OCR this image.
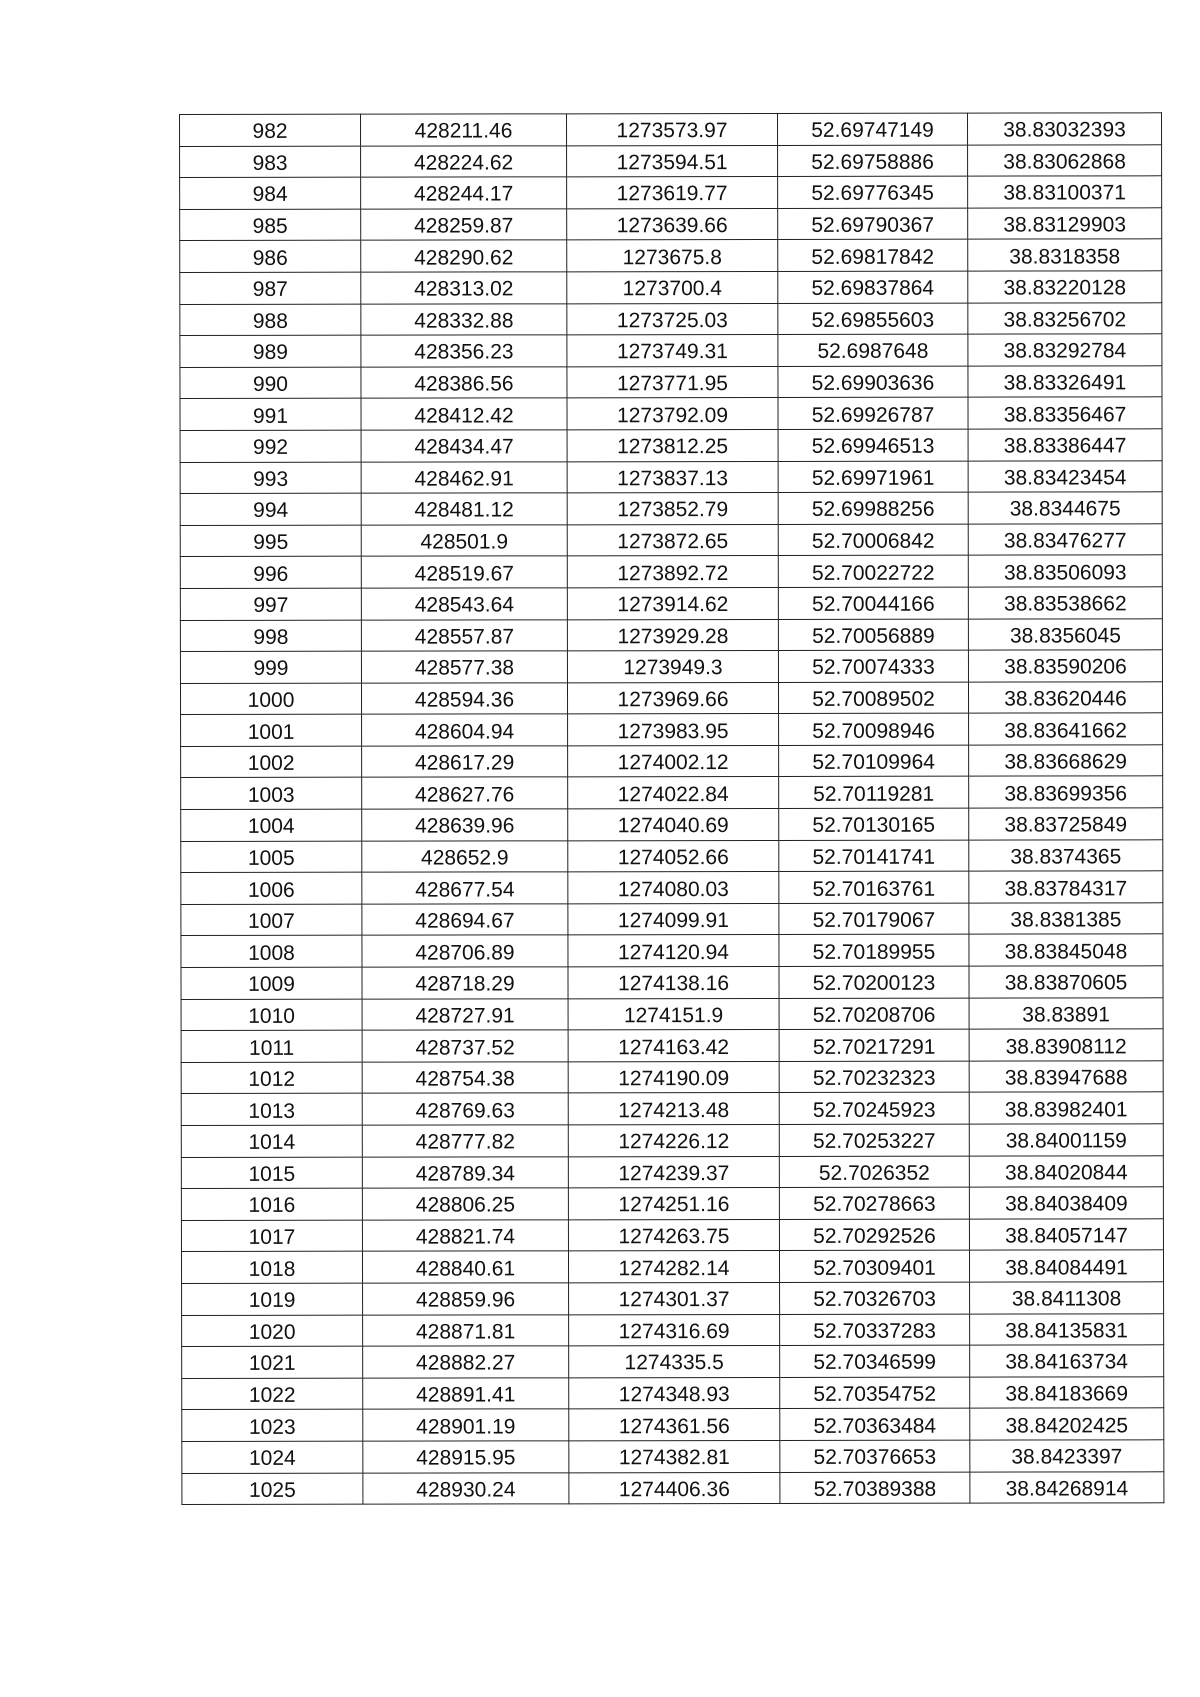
982	428211.46	1273573.97	52.69747149	38.83032393
983	428224.62	1273594.51	52.69758886	38.83062868
984	428244.17	1273619.77	52.69776345	38.83100371
985	428259.87	1273639.66	52.69790367	38.83129903
986	428290.62	1273675.8	52.69817842	38.8318358
987	428313.02	1273700.4	52.69837864	38.83220128
988	428332.88	1273725.03	52.69855603	38.83256702
989	428356.23	1273749.31	52.6987648	38.83292784
990	428386.56	1273771.95	52.69903636	38.83326491
991	428412.42	1273792.09	52.69926787	38.83356467
992	428434.47	1273812.25	52.69946513	38.83386447
993	428462.91	1273837.13	52.69971961	38.83423454
994	428481.12	1273852.79	52.69988256	38.8344675
995	428501.9	1273872.65	52.70006842	38.83476277
996	428519.67	1273892.72	52.70022722	38.83506093
997	428543.64	1273914.62	52.70044166	38.83538662
998	428557.87	1273929.28	52.70056889	38.8356045
999	428577.38	1273949.3	52.70074333	38.83590206
1000	428594.36	1273969.66	52.70089502	38.83620446
1001	428604.94	1273983.95	52.70098946	38.83641662
1002	428617.29	1274002.12	52.70109964	38.83668629
1003	428627.76	1274022.84	52.70119281	38.83699356
1004	428639.96	1274040.69	52.70130165	38.83725849
1005	428652.9	1274052.66	52.70141741	38.8374365
1006	428677.54	1274080.03	52.70163761	38.83784317
1007	428694.67	1274099.91	52.70179067	38.8381385
1008	428706.89	1274120.94	52.70189955	38.83845048
1009	428718.29	1274138.16	52.70200123	38.83870605
1010	428727.91	1274151.9	52.70208706	38.83891
1011	428737.52	1274163.42	52.70217291	38.83908112
1012	428754.38	1274190.09	52.70232323	38.83947688
1013	428769.63	1274213.48	52.70245923	38.83982401
1014	428777.82	1274226.12	52.70253227	38.84001159
1015	428789.34	1274239.37	52.7026352	38.84020844
1016	428806.25	1274251.16	52.70278663	38.84038409
1017	428821.74	1274263.75	52.70292526	38.84057147
1018	428840.61	1274282.14	52.70309401	38.84084491
1019	428859.96	1274301.37	52.70326703	38.8411308
1020	428871.81	1274316.69	52.70337283	38.84135831
1021	428882.27	1274335.5	52.70346599	38.84163734
1022	428891.41	1274348.93	52.70354752	38.84183669
1023	428901.19	1274361.56	52.70363484	38.84202425
1024	428915.95	1274382.81	52.70376653	38.8423397
1025	428930.24	1274406.36	52.70389388	38.84268914
